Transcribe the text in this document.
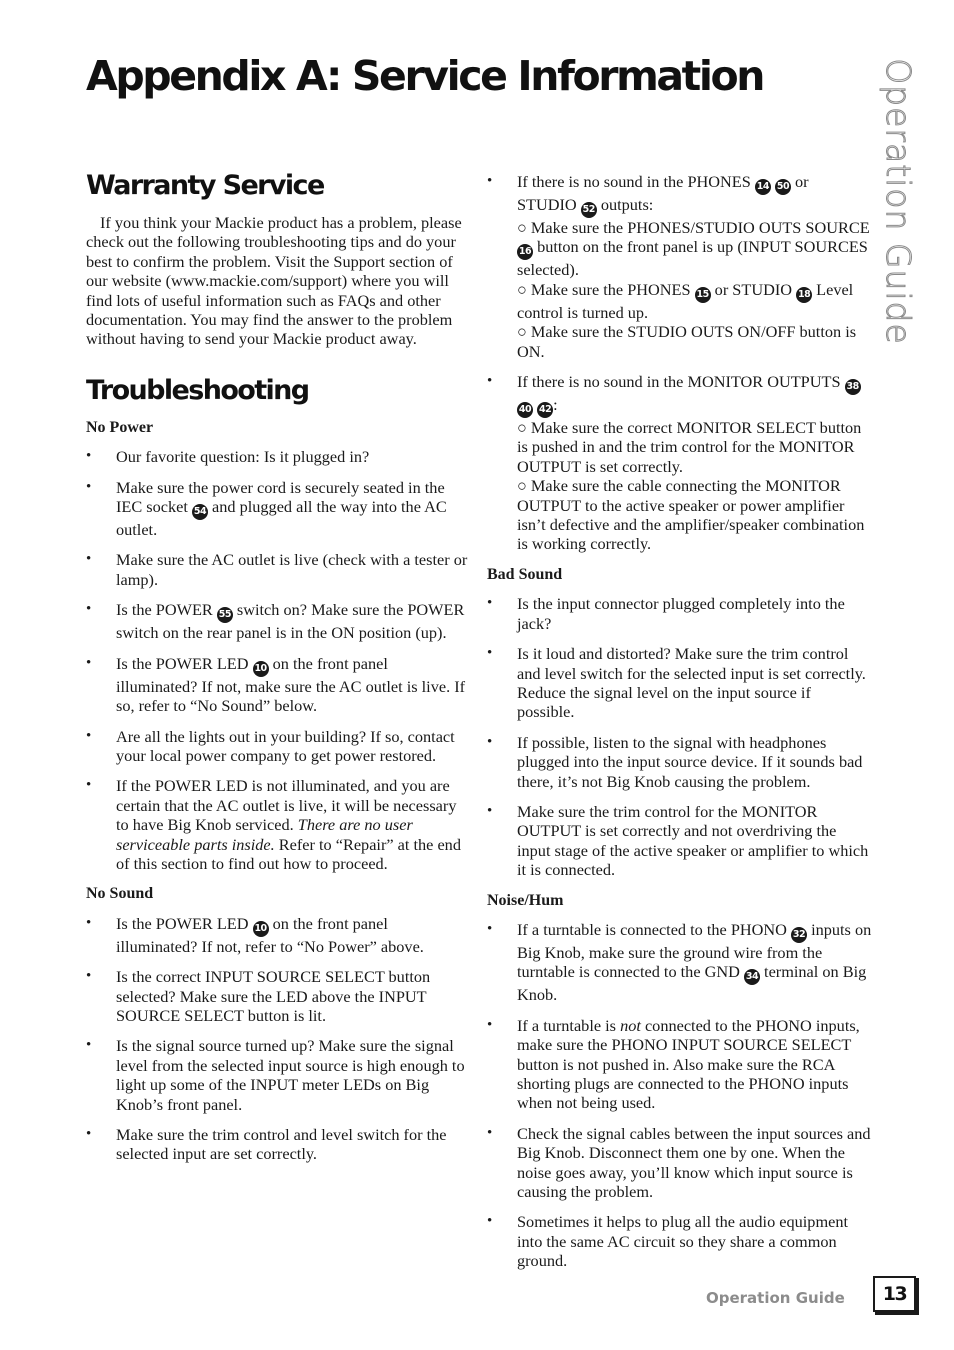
Appendix A: Service Information	Operation Guide
Warranty Service

If you think your Mackie product has a problem, please check out the following troubleshooting tips and do your best to confirm the problem. Visit the Support section of our website (www.mackie.com/support) where you will find lots of useful information such as FAQs and other documentation. You may find the answer to the problem without having to send your Mackie product away.

Troubleshooting
No Power
• Our favorite question: Is it plugged in?
• Make sure the power cord is securely seated in the IEC socket 54 and plugged all the way into the AC outlet.
• Make sure the AC outlet is live (check with a tester or lamp).
• Is the POWER 55 switch on? Make sure the POWER switch on the rear panel is in the ON position (up).
• Is the POWER LED 10 on the front panel illuminated? If not, make sure the AC outlet is live. If so, refer to “No Sound” below.
• Are all the lights out in your building? If so, contact your local power company to get power restored.
• If the POWER LED is not illuminated, and you are certain that the AC outlet is live, it will be necessary to have Big Knob serviced. There are no user serviceable parts inside. Refer to “Repair” at the end of this section to find out how to proceed.
No Sound
• Is the POWER LED 10 on the front panel illuminated? If not, refer to “No Power” above.
• Is the correct INPUT SOURCE SELECT button selected? Make sure the LED above the INPUT SOURCE SELECT button is lit.
• Is the signal source turned up? Make sure the signal level from the selected input source is high enough to light up some of the INPUT meter LEDs on Big Knob’s front panel.
• Make sure the trim control and level switch for the selected input are set correctly.
• If there is no sound in the PHONES 14 50 or STUDIO 52 outputs:
○ Make sure the PHONES/STUDIO OUTS SOURCE 16 button on the front panel is up (INPUT SOURCES selected).
○ Make sure the PHONES 15 or STUDIO 18 Level control is turned up.
○ Make sure the STUDIO OUTS ON/OFF button is ON.
• If there is no sound in the MONITOR OUTPUTS 38 40 42 :
○ Make sure the correct MONITOR SELECT button is pushed in and the trim control for the MONITOR OUTPUT is set correctly.
○ Make sure the cable connecting the MONITOR OUTPUT to the active speaker or power amplifier isn’t defective and the amplifier/speaker combination is working correctly.
Bad Sound
• Is the input connector plugged completely into the jack?
• Is it loud and distorted? Make sure the trim control and level switch for the selected input is set correctly. Reduce the signal level on the input source if possible.
• If possible, listen to the signal with headphones plugged into the input source device. If it sounds bad there, it’s not Big Knob causing the problem.
• Make sure the trim control for the MONITOR OUTPUT is set correctly and not overdriving the input stage of the active speaker or amplifier to which it is connected.
Noise/Hum
• If a turntable is connected to the PHONO 32 inputs on Big Knob, make sure the ground wire from the turntable is connected to the GND 34 terminal on Big Knob.
• If a turntable is not connected to the PHONO inputs, make sure the PHONO INPUT SOURCE SELECT button is not pushed in. Also make sure the RCA shorting plugs are connected to the PHONO inputs when not being used.
• Check the signal cables between the input sources and Big Knob. Disconnect them one by one. When the noise goes away, you’ll know which input source is causing the problem.
• Sometimes it helps to plug all the audio equipment into the same AC circuit so they share a common ground.
Operation Guide 13
